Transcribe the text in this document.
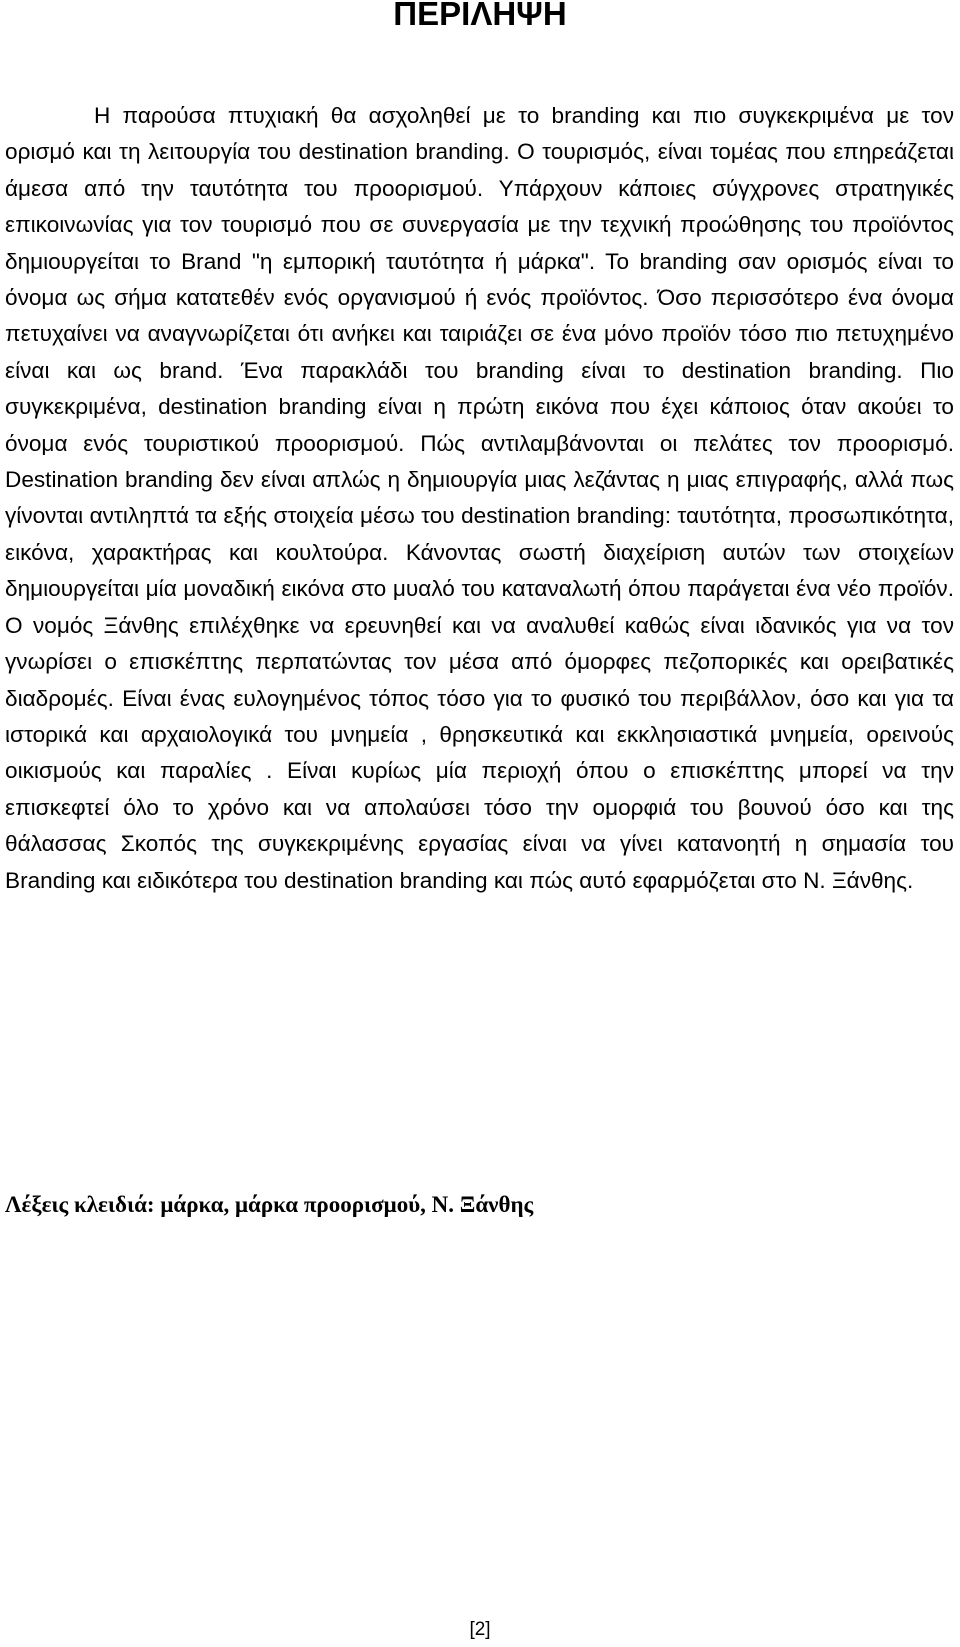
ΠΕΡΙΛΗΨΗ

Η παρούσα πτυχιακή θα ασχοληθεί με το branding και πιο συγκεκριμένα με τον ορισμό και τη λειτουργία του destination branding. Ο τουρισμός, είναι τομέας που επηρεάζεται άμεσα από την ταυτότητα του προορισμού. Υπάρχουν κάποιες σύγχρονες στρατηγικές επικοινωνίας για τον τουρισμό που σε συνεργασία με την τεχνική προώθησης του προϊόντος δημιουργείται το Brand "η εμπορική ταυτότητα ή μάρκα". Το branding σαν ορισμός είναι το όνομα ως σήμα κατατεθέν ενός οργανισμού ή ενός προϊόντος. Όσο περισσότερο ένα όνομα πετυχαίνει να αναγνωρίζεται ότι ανήκει και ταιριάζει σε ένα μόνο προϊόν τόσο πιο πετυχημένο είναι και ως brand. Ένα παρακλάδι του branding είναι το destination branding. Πιο συγκεκριμένα, destination branding είναι η πρώτη εικόνα που έχει κάποιος όταν ακούει το όνομα ενός τουριστικού προορισμού. Πώς αντιλαμβάνονται οι πελάτες τον προορισμό. Destination branding δεν είναι απλώς η δημιουργία μιας λεζάντας η μιας επιγραφής, αλλά πως γίνονται αντιληπτά τα εξής στοιχεία μέσω του destination branding: ταυτότητα, προσωπικότητα, εικόνα, χαρακτήρας και κουλτούρα. Κάνοντας σωστή διαχείριση αυτών των στοιχείων δημιουργείται μία μοναδική εικόνα στο μυαλό του καταναλωτή όπου παράγεται ένα νέο προϊόν. Ο νομός Ξάνθης επιλέχθηκε να ερευνηθεί και να αναλυθεί καθώς είναι ιδανικός για να τον γνωρίσει ο επισκέπτης περπατώντας τον μέσα από όμορφες πεζοπορικές και ορειβατικές διαδρομές. Είναι ένας ευλογημένος τόπος τόσο για το φυσικό του περιβάλλον, όσο και για τα ιστορικά και αρχαιολογικά του μνημεία , θρησκευτικά και εκκλησιαστικά μνημεία, ορεινούς οικισμούς και παραλίες . Είναι κυρίως μία περιοχή όπου ο επισκέπτης μπορεί να την επισκεφτεί όλο το χρόνο και να απολαύσει τόσο την ομορφιά του βουνού όσο και της θάλασσας Σκοπός της συγκεκριμένης εργασίας είναι να γίνει κατανοητή η σημασία του Branding και ειδικότερα του destination branding και πώς αυτό εφαρμόζεται στο Ν. Ξάνθης.

Λέξεις κλειδιά: μάρκα, μάρκα προορισμού, Ν. Ξάνθης

[2]
